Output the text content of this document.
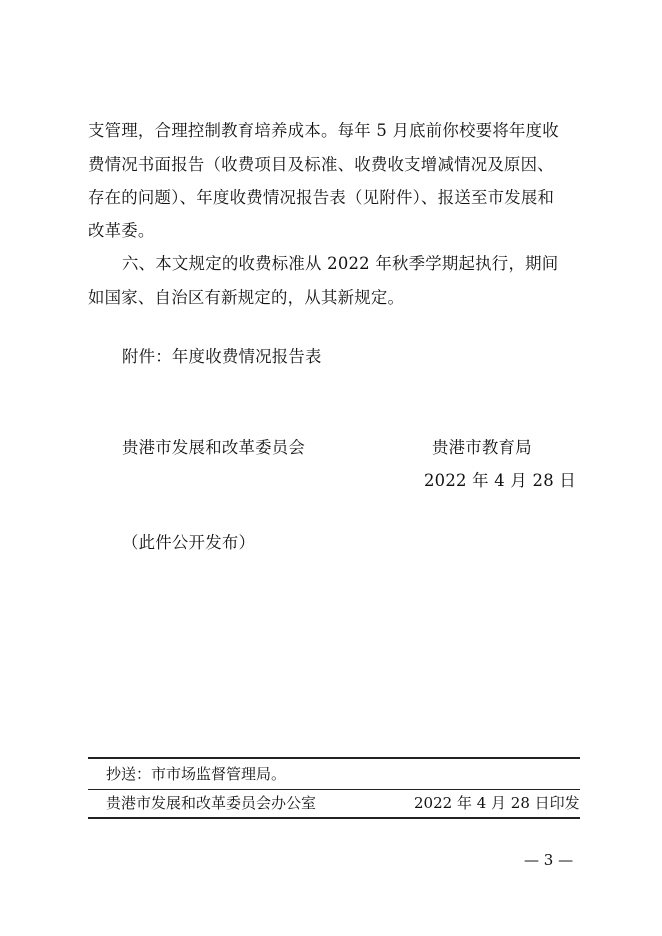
支管理，合理控制教育培养成本。每年 5 月底前你校要将年度收
费情况书面报告（收费项目及标准、收费收支增减情况及原因、
存在的问题）、年度收费情况报告表（见附件）、报送至市发展和
改革委。
六、本文规定的收费标准从 2022 年秋季学期起执行，期间
如国家、自治区有新规定的，从其新规定。
附件：年度收费情况报告表
贵港市发展和改革委员会	贵港市教育局
2022 年 4 月 28 日
（此件公开发布）
抄送：市市场监督管理局。
贵港市发展和改革委员会办公室	2022 年 4 月 28 日印发
— 3 —
